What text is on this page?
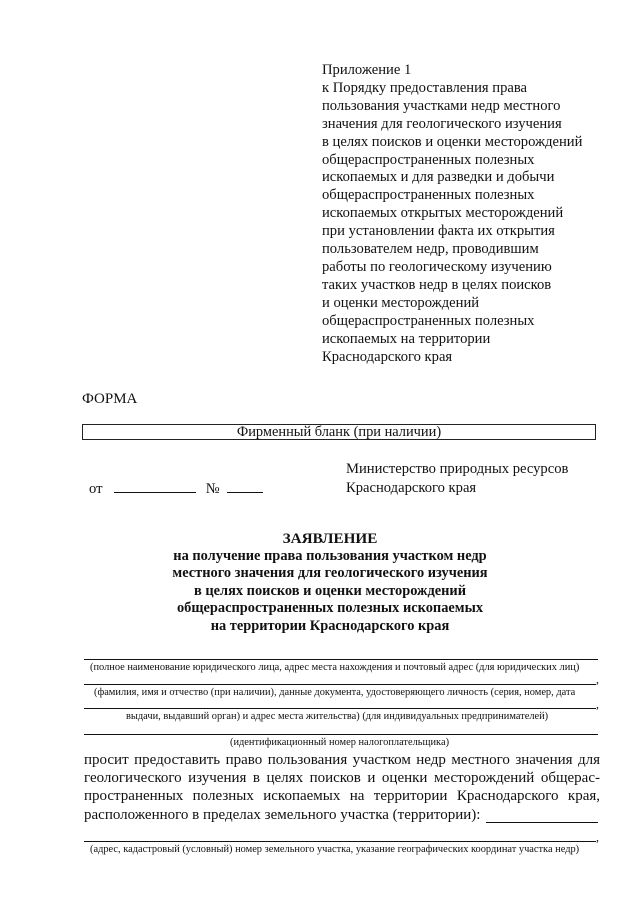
Приложение 1
к Порядку предоставления права
пользования участками недр местного
значения для геологического изучения
в целях поисков и оценки месторождений
общераспространенных полезных
ископаемых и для разведки и добычи
общераспространенных полезных
ископаемых открытых месторождений
при установлении факта их открытия
пользователем недр, проводившим
работы по геологическому изучению
таких участков недр в целях поисков
и оценки месторождений
общераспространенных полезных
ископаемых на территории
Краснодарского края
ФОРМА
Фирменный бланк (при наличии)
Министерство природных ресурсов
Краснодарского края
от	№
ЗАЯВЛЕНИЕ
на получение права пользования участком недр
местного значения для геологического изучения
в целях поисков и оценки месторождений
общераспространенных полезных ископаемых
на территории Краснодарского края
(полное наименование юридического лица, адрес места нахождения и почтовый адрес (для юридических лиц)
,
(фамилия, имя и отчество (при наличии), данные документа, удостоверяющего личность (серия, номер, дата
,
выдачи, выдавший орган) и адрес места жительства) (для индивидуальных предпринимателей)
(идентификационный номер налогоплательщика)
просит предоставить право пользования участком недр местного значения для
геологического изучения в целях поисков и оценки месторождений общерас-
пространенных полезных ископаемых на территории Краснодарского края,
расположенного в пределах земельного участка (территории):
,
(адрес, кадастровый (условный) номер земельного участка, указание географических координат участка недр)
